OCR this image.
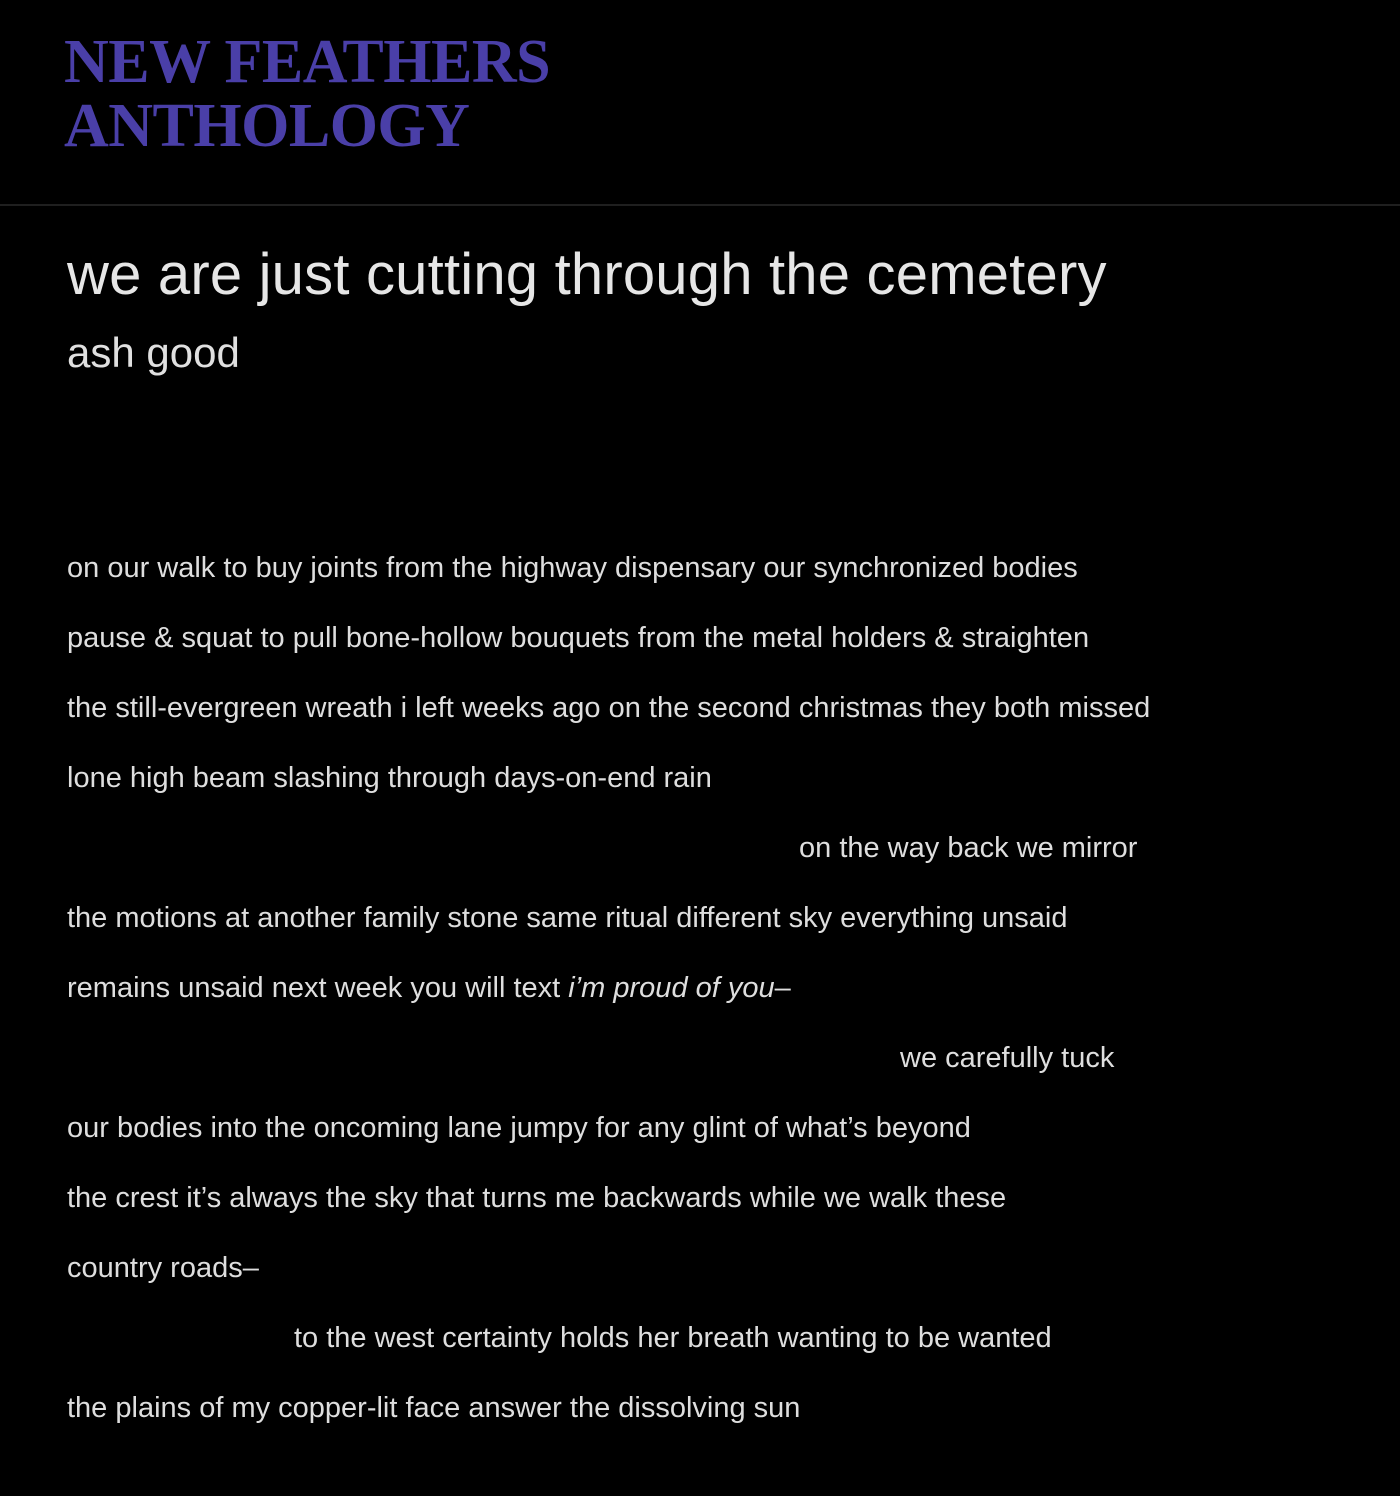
NEW FEATHERS
ANTHOLOGY
we are just cutting through the cemetery
ash good
on our walk to buy joints from the highway dispensary our synchronized bodies
pause & squat to pull bone-hollow bouquets from the metal holders & straighten
the still-evergreen wreath i left weeks ago on the second christmas they both missed
lone high beam slashing through days-on-end rain
on the way back we mirror
the motions at another family stone same ritual different sky everything unsaid
remains unsaid next week you will text i’m proud of you–
we carefully tuck
our bodies into the oncoming lane jumpy for any glint of what’s beyond
the crest it’s always the sky that turns me backwards while we walk these
country roads–
to the west certainty holds her breath wanting to be wanted
the plains of my copper-lit face answer the dissolving sun
